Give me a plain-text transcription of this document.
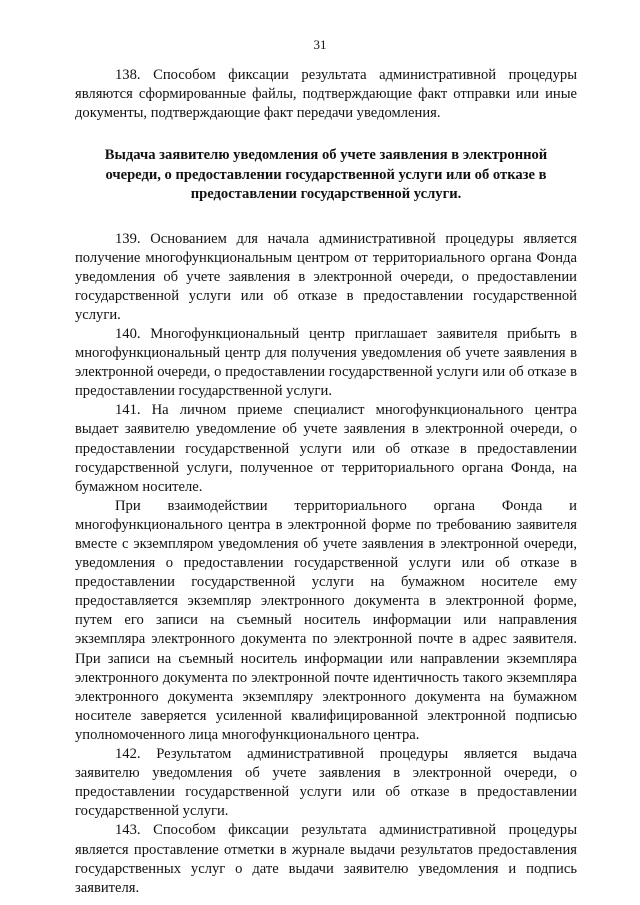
31

138. Способом фиксации результата административной процедуры являются сформированные файлы, подтверждающие факт отправки или иные документы, подтверждающие факт передачи уведомления.

Выдача заявителю уведомления об учете заявления в электронной очереди, о предоставлении государственной услуги или об отказе в предоставлении государственной услуги.

139. Основанием для начала административной процедуры является получение многофункциональным центром от территориального органа Фонда уведомления об учете заявления в электронной очереди, о предоставлении государственной услуги или об отказе в предоставлении государственной услуги.

140. Многофункциональный центр приглашает заявителя прибыть в многофункциональный центр для получения уведомления об учете заявления в электронной очереди, о предоставлении государственной услуги или об отказе в предоставлении государственной услуги.

141. На личном приеме специалист многофункционального центра выдает заявителю уведомление об учете заявления в электронной очереди, о предоставлении государственной услуги или об отказе в предоставлении государственной услуги, полученное от территориального органа Фонда, на бумажном носителе.

При взаимодействии территориального органа Фонда и многофункционального центра в электронной форме по требованию заявителя вместе с экземпляром уведомления об учете заявления в электронной очереди, уведомления о предоставлении государственной услуги или об отказе в предоставлении государственной услуги на бумажном носителе ему предоставляется экземпляр электронного документа в электронной форме, путем его записи на съемный носитель информации или направления экземпляра электронного документа по электронной почте в адрес заявителя. При записи на съемный носитель информации или направлении экземпляра электронного документа по электронной почте идентичность такого экземпляра электронного документа экземпляру электронного документа на бумажном носителе заверяется усиленной квалифицированной электронной подписью уполномоченного лица многофункционального центра.

142. Результатом административной процедуры является выдача заявителю уведомления об учете заявления в электронной очереди, о предоставлении государственной услуги или об отказе в предоставлении государственной услуги.

143. Способом фиксации результата административной процедуры является проставление отметки в журнале выдачи результатов предоставления государственных услуг о дате выдачи заявителю уведомления и подпись заявителя.
